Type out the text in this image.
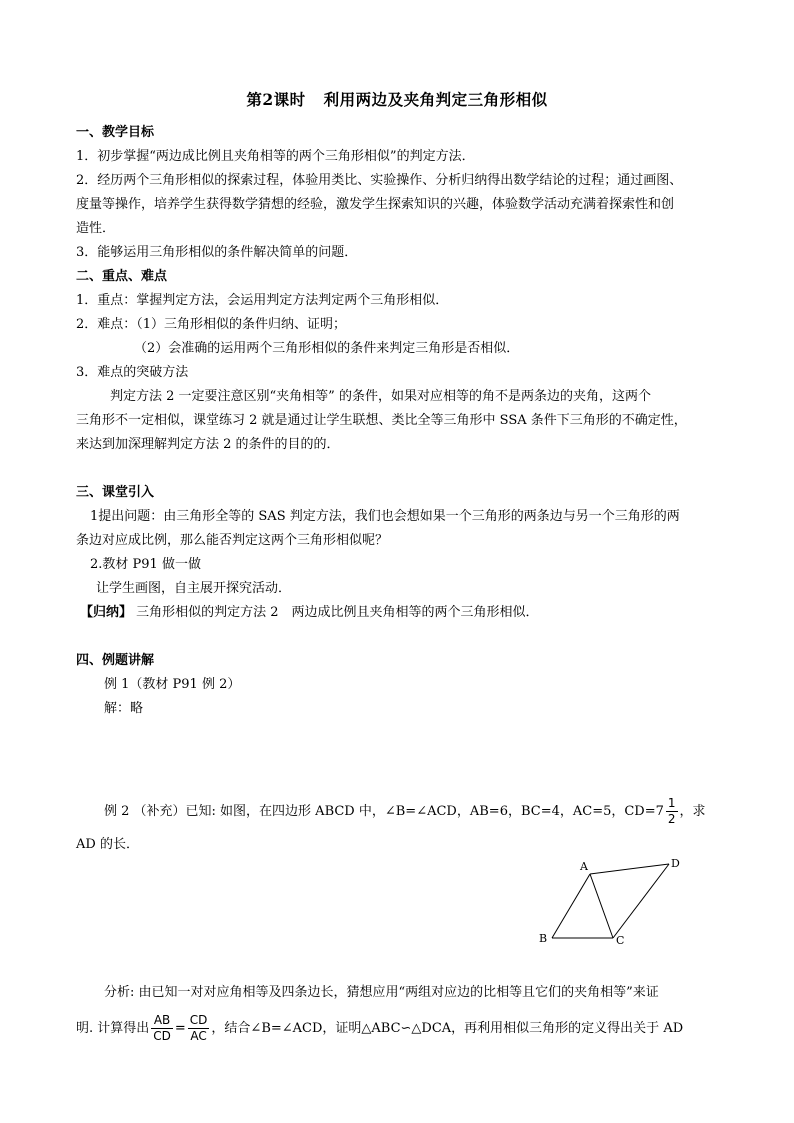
第2课时 利用两边及夹角判定三角形相似
一、教学目标
1．初步掌握“两边成比例且夹角相等的两个三角形相似”的判定方法．
2．经历两个三角形相似的探索过程，体验用类比、实验操作、分析归纳得出数学结论的过程；通过画图、
度量等操作，培养学生获得数学猜想的经验，激发学生探索知识的兴趣，体验数学活动充满着探索性和创
造性．
3．能够运用三角形相似的条件解决简单的问题．
二、重点、难点
1．重点：掌握判定方法，会运用判定方法判定两个三角形相似．
2．难点：（1）三角形相似的条件归纳、证明；
（2）会准确的运用两个三角形相似的条件来判定三角形是否相似．
3．难点的突破方法
判定方法 2 一定要注意区别“夹角相等” 的条件，如果对应相等的角不是两条边的夹角，这两个
三角形不一定相似，课堂练习 2 就是通过让学生联想、类比全等三角形中 SSA 条件下三角形的不确定性，
来达到加深理解判定方法 2 的条件的目的的．
三、课堂引入
1提出问题：由三角形全等的 SAS 判定方法，我们也会想如果一个三角形的两条边与另一个三角形的两
条边对应成比例，那么能否判定这两个三角形相似呢？
2.教材 P91 做一做
让学生画图，自主展开探究活动．
【归纳】 三角形相似的判定方法 2　两边成比例且夹角相等的两个三角形相似．
四、例题讲解
例 1（教材 P91 例 2）
解：略
例 2 （补充）已知: 如图，在四边形 ABCD 中，∠B=∠ACD，AB=6，BC=4，AC=5，$CD=7 \frac{1}{2}$ ，求
AD 的长．
A
B	C
D
分析: 由已知一对对应角相等及四条边长，猜想应用“两组对应边的比相等且它们的夹角相等”来证
明. 计算得出 $\frac{AB}{CD} = \frac{CD}{AC}$ ，结合∠B=∠ACD，证明△ABC∽△DCA，再利用相似三角形的定义得出关于 AD
